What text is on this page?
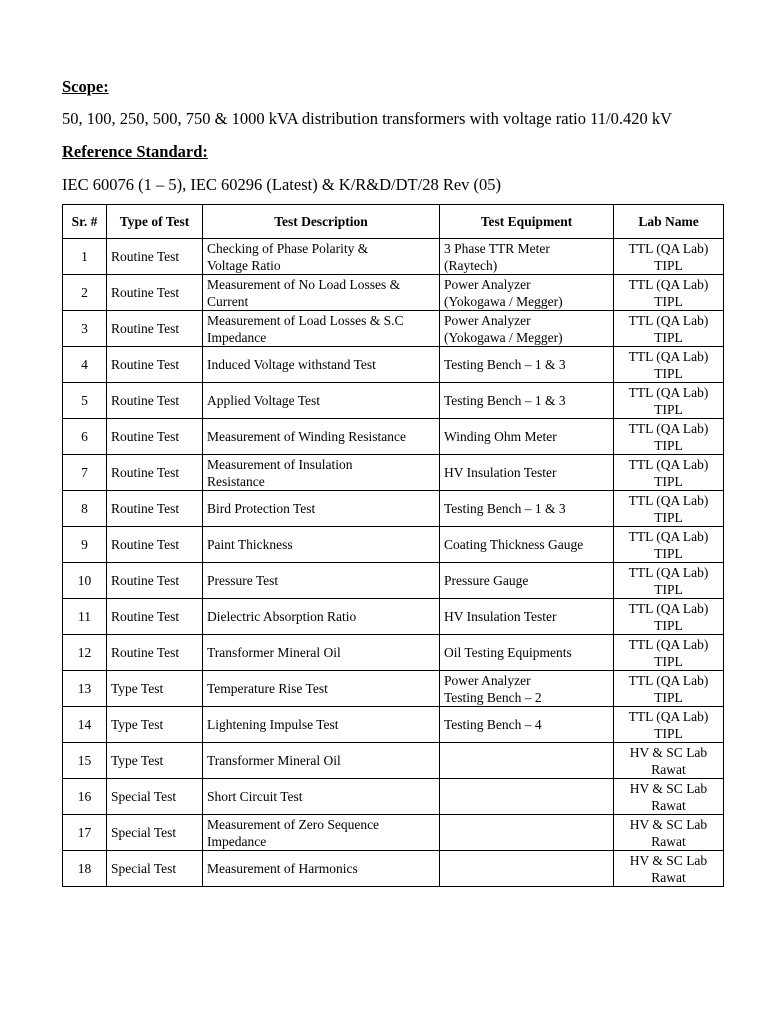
Scope:
50, 100, 250, 500, 750 & 1000 kVA distribution transformers with voltage ratio 11/0.420 kV
Reference Standard:
IEC 60076 (1 – 5), IEC 60296 (Latest) & K/R&D/DT/28 Rev (05)
Sr. #	Type of Test	Test Description	Test Equipment	Lab Name
1	Routine Test	Checking of Phase Polarity &
Voltage Ratio	3 Phase TTR Meter
(Raytech)	TTL (QA Lab)
TIPL

2	Routine Test	Measurement of No Load Losses &
Current	Power Analyzer
(Yokogawa / Megger)	TTL (QA Lab)
TIPL

3	Routine Test	Measurement of Load Losses & S.C
Impedance	Power Analyzer
(Yokogawa / Megger)	TTL (QA Lab)
TIPL

4	Routine Test	Induced Voltage withstand Test	Testing Bench – 1 & 3	TTL (QA Lab)
TIPL

5	Routine Test	Applied Voltage Test	Testing Bench – 1 & 3	TTL (QA Lab)
TIPL

6	Routine Test	Measurement of Winding Resistance	Winding Ohm Meter	TTL (QA Lab)
TIPL

7	Routine Test	Measurement of Insulation
Resistance	HV Insulation Tester	TTL (QA Lab)
TIPL

8	Routine Test	Bird Protection Test	Testing Bench – 1 & 3	TTL (QA Lab)
TIPL

9	Routine Test	Paint Thickness	Coating Thickness Gauge	TTL (QA Lab)
TIPL

10	Routine Test	Pressure Test	Pressure Gauge	TTL (QA Lab)
TIPL

11	Routine Test	Dielectric Absorption Ratio	HV Insulation Tester	TTL (QA Lab)
TIPL

12	Routine Test	Transformer Mineral Oil	Oil Testing Equipments	TTL (QA Lab)
TIPL

13	Type Test	Temperature Rise Test	Power Analyzer
Testing Bench – 2	TTL (QA Lab)
TIPL

14	Type Test	Lightening Impulse Test	Testing Bench – 4	TTL (QA Lab)
TIPL

15	Type Test	Transformer Mineral Oil		HV & SC Lab
Rawat

16	Special Test	Short Circuit Test		HV & SC Lab
Rawat

17	Special Test	Measurement of Zero Sequence
Impedance		HV & SC Lab
Rawat

18	Special Test	Measurement of Harmonics		HV & SC Lab
Rawat
